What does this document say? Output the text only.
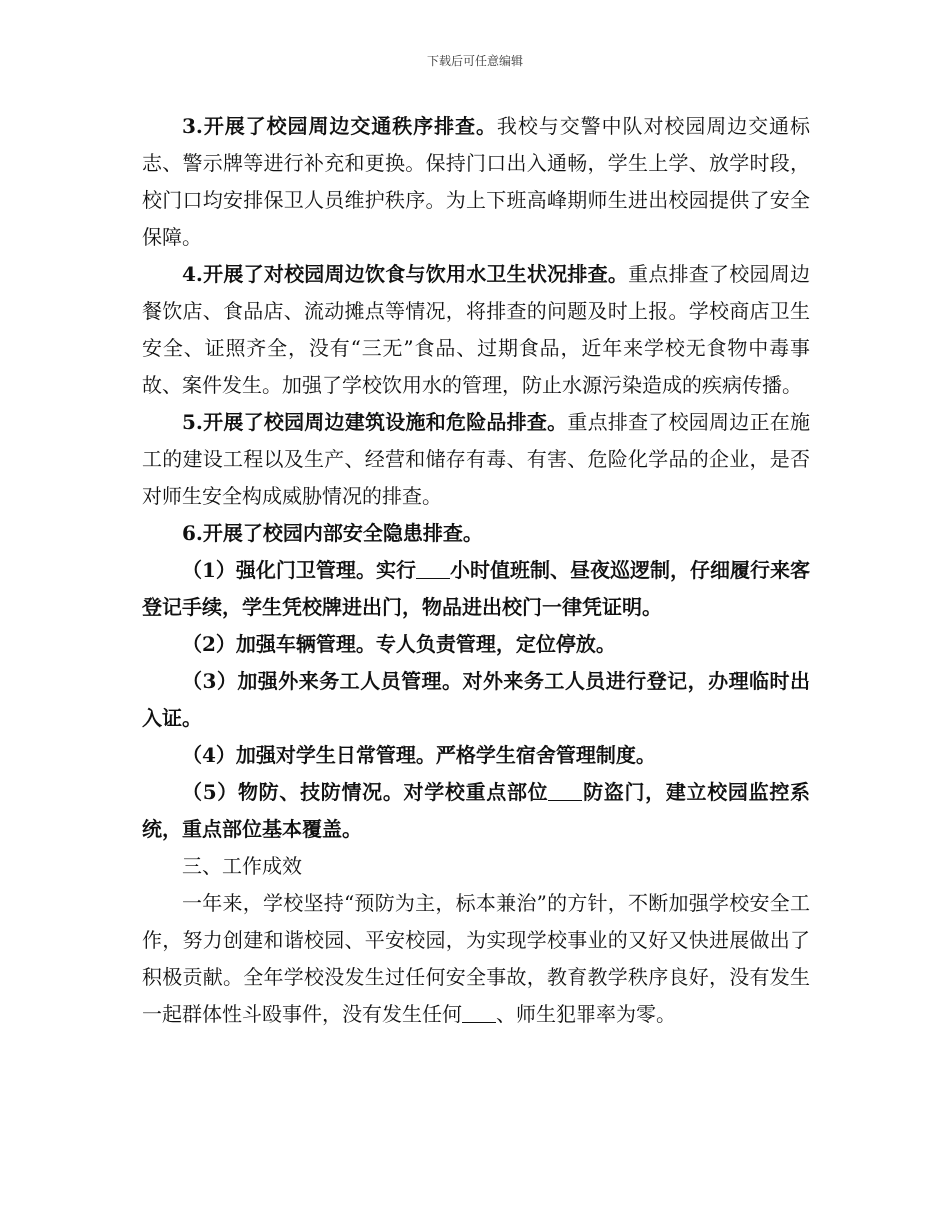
下载后可任意编辑

3.开展了校园周边交通秩序排查。我校与交警中队对校园周边交通标志、警示牌等进行补充和更换。保持门口出入通畅，学生上学、放学时段，校门口均安排保卫人员维护秩序。为上下班高峰期师生进出校园提供了安全保障。

4.开展了对校园周边饮食与饮用水卫生状况排查。重点排查了校园周边餐饮店、食品店、流动摊点等情况，将排查的问题及时上报。学校商店卫生安全、证照齐全，没有“三无”食品、过期食品，近年来学校无食物中毒事故、案件发生。加强了学校饮用水的管理，防止水源污染造成的疾病传播。

5.开展了校园周边建筑设施和危险品排查。重点排查了校园周边正在施工的建设工程以及生产、经营和储存有毒、有害、危险化学品的企业，是否对师生安全构成威胁情况的排查。

6.开展了校园内部安全隐患排查。

（1）强化门卫管理。实行 小时值班制、昼夜巡逻制，仔细履行来客登记手续，学生凭校牌进出门，物品进出校门一律凭证明。

（2）加强车辆管理。专人负责管理，定位停放。

（3）加强外来务工人员管理。对外来务工人员进行登记，办理临时出入证。

（4）加强对学生日常管理。严格学生宿舍管理制度。

（5）物防、技防情况。对学校重点部位 防盗门，建立校园监控系统，重点部位基本覆盖。

三、工作成效

一年来，学校坚持“预防为主，标本兼治”的方针，不断加强学校安全工作，努力创建和谐校园、平安校园，为实现学校事业的又好又快进展做出了积极贡献。全年学校没发生过任何安全事故，教育教学秩序良好，没有发生一起群体性斗殴事件，没有发生任何 、师生犯罪率为零。
